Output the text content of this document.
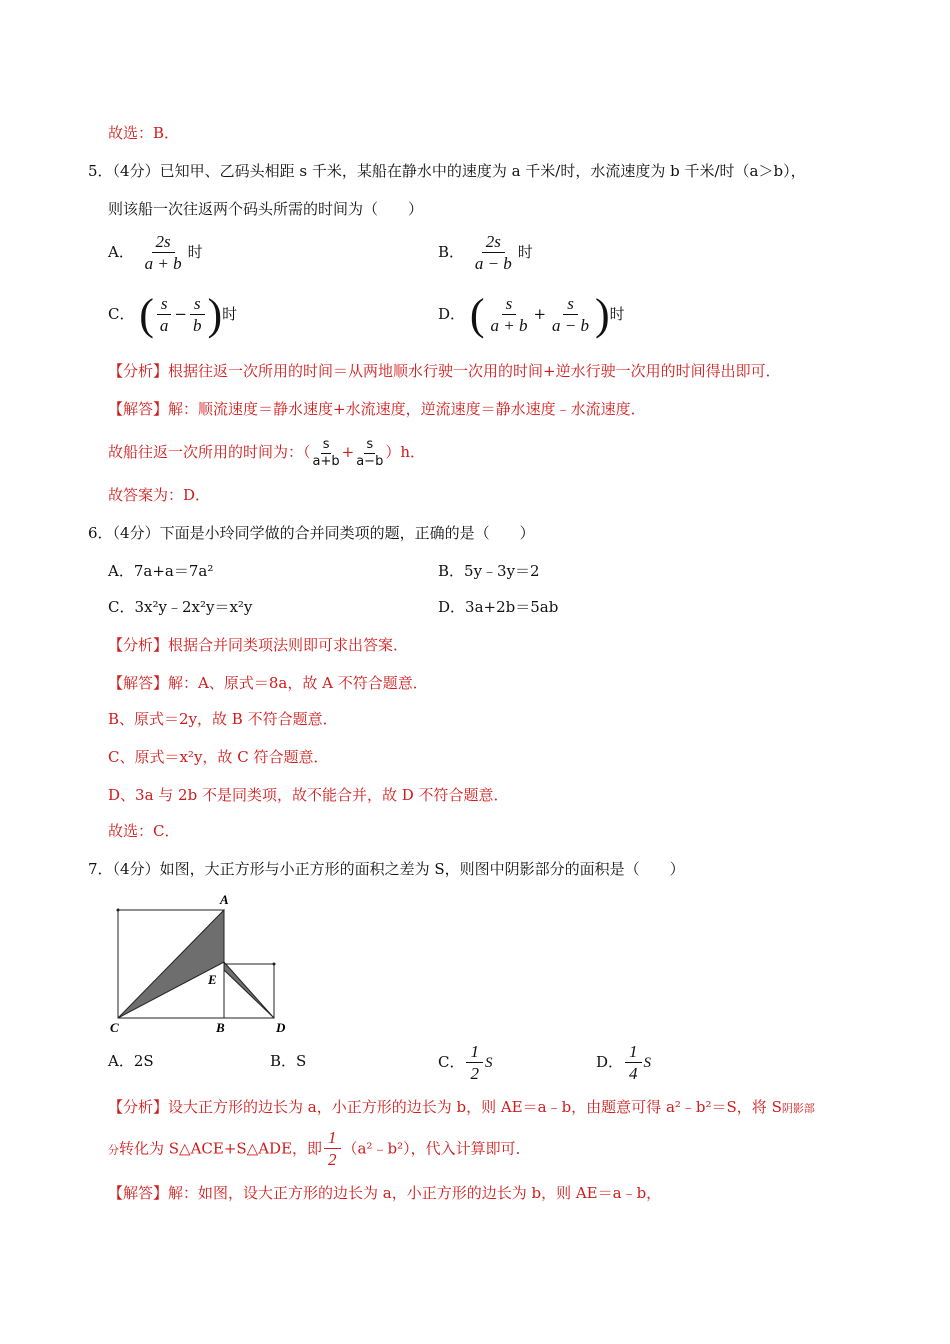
故选：B．
5．（4分）已知甲、乙码头相距 s 千米，某船在静水中的速度为 a 千米/时，水流速度为 b 千米/时（a＞b），
则该船一次往返两个码头所需的时间为（　　）
A． $\frac{2s}{a + b}$ 时	B． $\frac{2s}{a - b}$ 时
C． ( $\frac{s}{a} - \frac{s}{b}$ )时	D． ( $\frac{s}{a + b} + \frac{s}{a - b}$ )时
【分析】根据往返一次所用的时间＝从两地顺水行驶一次用的时间+逆水行驶一次用的时间得出即可．
【解答】解：顺流速度＝静水速度+水流速度，逆流速度＝静水速度﹣水流速度．
故船往返一次所用的时间为：（ $\frac{s}{a+b} + \frac{s}{a-b} )h$．
故答案为：D．
6．（4分）下面是小玲同学做的合并同类项的题，正确的是（　　）
A．7a+a＝7a²	B．5y﹣3y＝2
C．3x²y﹣2x²y＝x²y	D．3a+2b＝5ab
【分析】根据合并同类项法则即可求出答案．
【解答】解：A、原式＝8a，故 A 不符合题意．
B、原式＝2y，故 B 不符合题意．
C、原式＝x²y，故 C 符合题意．
D、3a 与 2b 不是同类项，故不能合并，故 D 不符合题意．
故选：C．
7．（4分）如图，大正方形与小正方形的面积之差为 S，则图中阴影部分的面积是（　　）
A
E
C	B	D
A．2S	B．S	C． $\frac{1}{2}$ S	D． $\frac{1}{4}$ S
【分析】设大正方形的边长为 a，小正方形的边长为 b，则 AE＝a﹣b，由题意可得 a²﹣b²＝S，将 S阴影部
分转化为 S△ACE+S△ADE，即 $\frac{1}{2}$ （a²﹣b²），代入计算即可．
【解答】解：如图，设大正方形的边长为 a，小正方形的边长为 b，则 AE＝a﹣b，
